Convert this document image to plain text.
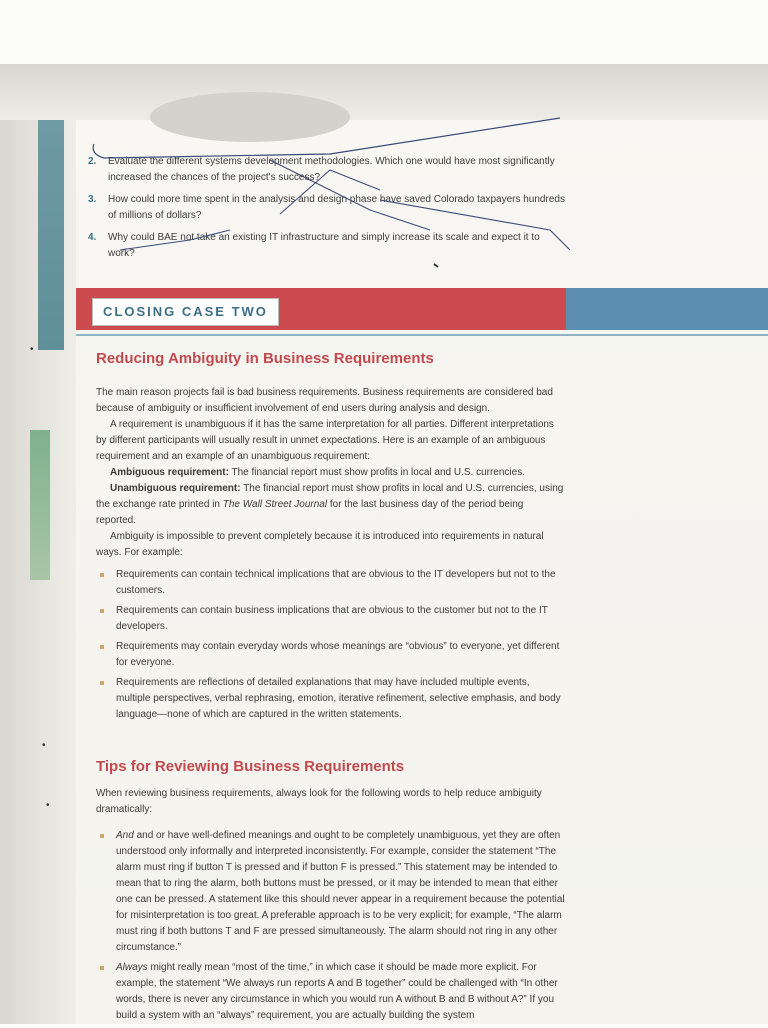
•
•
•
2. Evaluate the different systems development methodologies. Which one would have most significantly increased the chances of the project's success?
3. How could more time spent in the analysis and design phase have saved Colorado taxpayers hundreds of millions of dollars?
4. Why could BAE not take an existing IT infrastructure and simply increase its scale and expect it to work?
CLOSING CASE TWO
Reducing Ambiguity in Business Requirements

The main reason projects fail is bad business requirements. Business requirements are considered bad because of ambiguity or insufficient involvement of end users during analysis and design.

A requirement is unambiguous if it has the same interpretation for all parties. Different interpretations by different participants will usually result in unmet expectations. Here is an example of an ambiguous requirement and an example of an unambiguous requirement:

Ambiguous requirement: The financial report must show profits in local and U.S. currencies.

Unambiguous requirement: The financial report must show profits in local and U.S. currencies, using the exchange rate printed in The Wall Street Journal for the last business day of the period being reported.

Ambiguity is impossible to prevent completely because it is introduced into requirements in natural ways. For example:

Requirements can contain technical implications that are obvious to the IT developers but not to the customers.
Requirements can contain business implications that are obvious to the customer but not to the IT developers.
Requirements may contain everyday words whose meanings are “obvious” to everyone, yet different for everyone.
Requirements are reflections of detailed explanations that may have included multiple events, multiple perspectives, verbal rephrasing, emotion, iterative refinement, selective emphasis, and body language—none of which are captured in the written statements.
Tips for Reviewing Business Requirements

When reviewing business requirements, always look for the following words to help reduce ambiguity dramatically:

And and or have well-defined meanings and ought to be completely unambiguous, yet they are often understood only informally and interpreted inconsistently. For example, consider the statement “The alarm must ring if button T is pressed and if button F is pressed.” This statement may be intended to mean that to ring the alarm, both buttons must be pressed, or it may be intended to mean that either one can be pressed. A statement like this should never appear in a requirement because the potential for misinterpretation is too great. A preferable approach is to be very explicit; for example, “The alarm must ring if both buttons T and F are pressed simultaneously. The alarm should not ring in any other circumstance.”
Always might really mean “most of the time,” in which case it should be made more explicit. For example, the statement “We always run reports A and B together” could be challenged with “In other words, there is never any circumstance in which you would run A without B and B without A?” If you build a system with an “always” requirement, you are actually building the system
